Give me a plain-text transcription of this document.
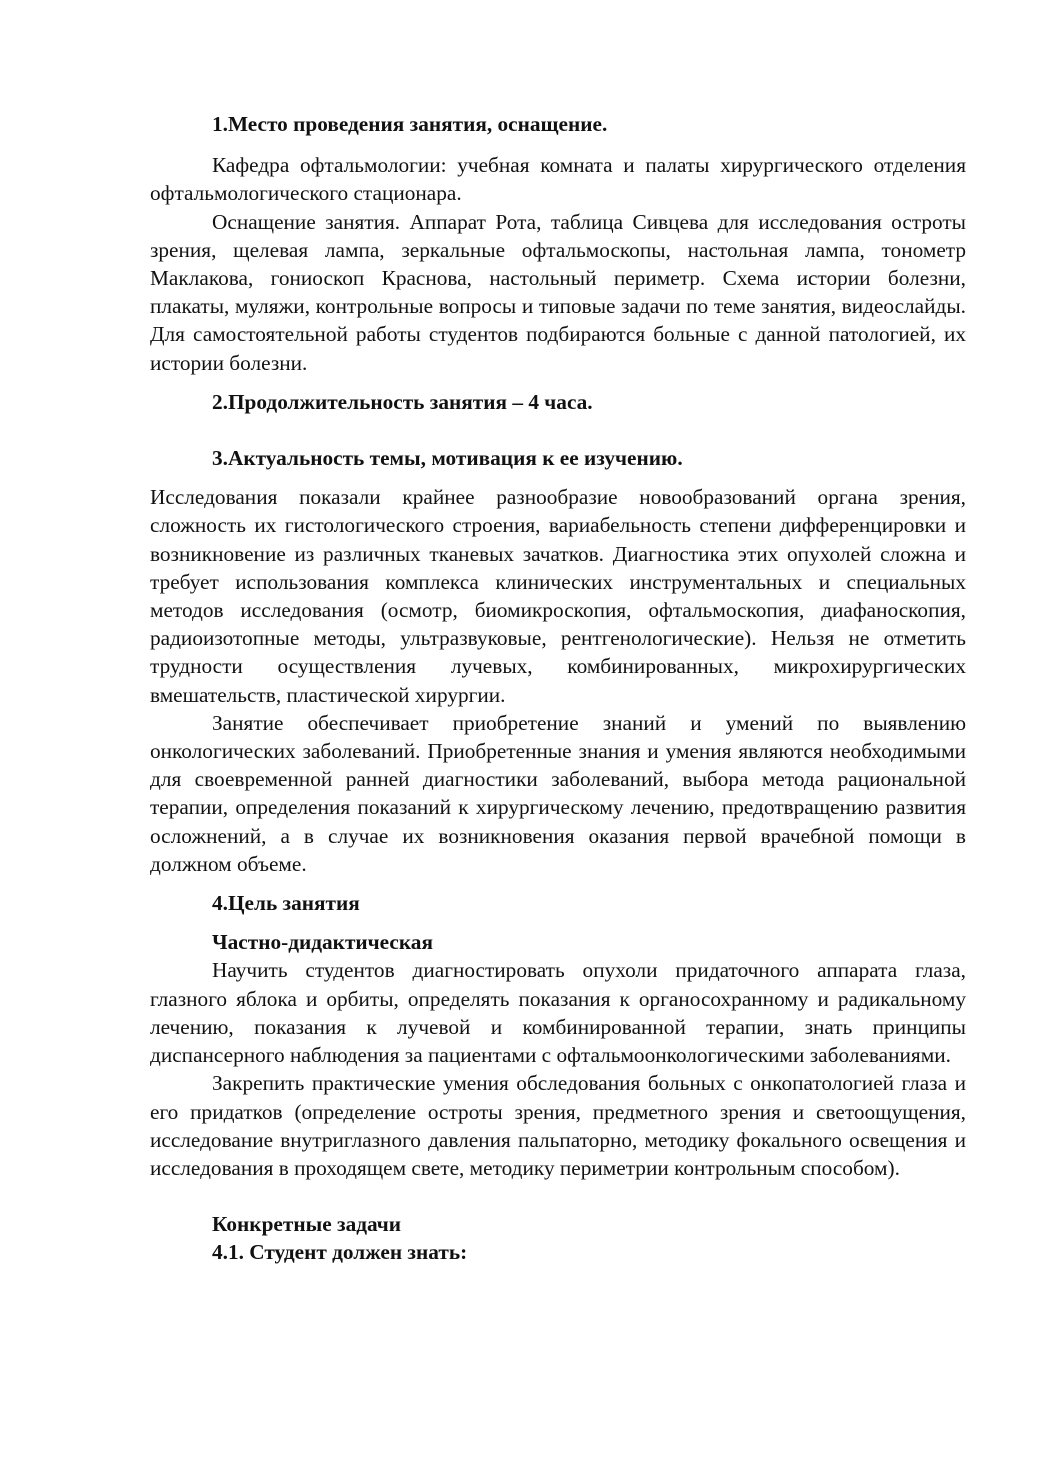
1.Место проведения занятия, оснащение.

Кафедра офтальмологии: учебная комната и палаты хирургического отделения офтальмологического стационара.

Оснащение занятия. Аппарат Рота, таблица Сивцева для исследования остроты зрения, щелевая лампа, зеркальные офтальмоскопы, настольная лампа, тонометр Маклакова, гониоскоп Краснова, настольный периметр. Схема истории болезни, плакаты, муляжи, контрольные вопросы и типовые задачи по теме занятия, видеослайды. Для самостоятельной работы студентов подбираются больные с данной патологией, их истории болезни.

2.Продолжительность занятия – 4 часа.

3.Актуальность темы, мотивация к ее изучению.

Исследования показали крайнее разнообразие новообразований органа зрения, сложность их гистологического строения, вариабельность степени дифференцировки и возникновение из различных тканевых зачатков. Диагностика этих опухолей сложна и требует использования комплекса клинических инструментальных и специальных методов исследования (осмотр, биомикроскопия, офтальмоскопия, диафаноскопия, радиоизотопные методы, ультразвуковые, рентгенологические). Нельзя не отметить трудности осуществления лучевых, комбинированных, микрохирургических вмешательств, пластической хирургии.

Занятие обеспечивает приобретение знаний и умений по выявлению онкологических заболеваний. Приобретенные знания и умения являются необходимыми для своевременной ранней диагностики заболеваний, выбора метода рациональной терапии, определения показаний к хирургическому лечению, предотвращению развития осложнений, а в случае их возникновения оказания первой врачебной помощи в должном объеме.

4.Цель занятия

Частно-дидактическая

Научить студентов диагностировать опухоли придаточного аппарата глаза, глазного яблока и орбиты, определять показания к органосохранному и радикальному лечению, показания к лучевой и комбинированной терапии, знать принципы диспансерного наблюдения за пациентами с офтальмоонкологическими заболеваниями.

Закрепить практические умения обследования больных с онкопатологией глаза и его придатков (определение остроты зрения, предметного зрения и светоощущения, исследование внутриглазного давления пальпаторно, методику фокального освещения и исследования в проходящем свете, методику периметрии контрольным способом).

Конкретные задачи

4.1. Студент должен знать:
